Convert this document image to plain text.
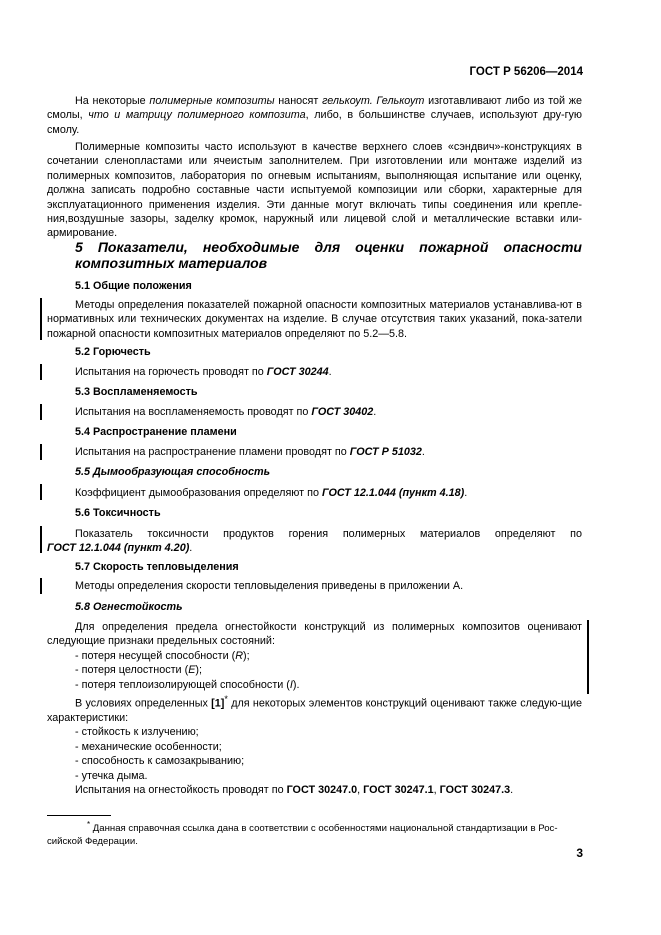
ГОСТ Р 56206—2014

На некоторые полимерные композиты наносят гелькоут. Гелькоут изготавливают либо из той же смолы, что и матрицу полимерного композита, либо, в большинстве случаев, используют дру-гую смолу.

Полимерные композиты часто используют в качестве верхнего слоев «сэндвич»-конструкциях в сочетании сленопластами или ячеистым заполнителем. При изготовлении или монтаже изделий из полимерных композитов, лаборатория по огневым испытаниям, выполняющая испытание или оценку, должна записать подробно составные части испытуемой композиции или сборки, характерные для эксплуатационного применения изделия. Эти данные могут включать типы соединения или крепле-ния,воздушные зазоры, заделку кромок, наружный или лицевой слой и металлические вставки или-армирование.

5 Показатели, необходимые для оценки пожарной опасности
композитных материалов
5.1 Общие положения

Методы определения показателей пожарной опасности композитных материалов устанавлива-ют в нормативных или технических документах на изделие. В случае отсутствия таких указаний, пока-затели пожарной опасности композитных материалов определяют по 5.2—5.8.

5.2 Горючесть

Испытания на горючесть проводят по ГОСТ 30244.

5.3 Воспламеняемость

Испытания на воспламеняемость проводят по ГОСТ 30402.

5.4 Распространение пламени

Испытания на распространение пламени проводят по ГОСТ Р 51032.

5.5 Дымообразующая способность

Коэффициент дымообразования определяют по ГОСТ 12.1.044 (пункт 4.18).

5.6 Токсичность

Показатель токсичности продуктов горения полимерных материалов определяют по

ГОСТ 12.1.044 (пункт 4.20).
5.7 Скорость тепловыделения

Методы определения скорости тепловыделения приведены в приложении А.

5.8 Огнестойкость

Для определения предела огнестойкости конструкций из полимерных композитов оценивают следующие признаки предельных состояний:

- потеря несущей способности (R);
- потеря целостности (E);
- потеря теплоизолирующей способности (I).

В условиях определенных [1]* для некоторых элементов конструкций оценивают также следую-щие характеристики:

- стойкость к излучению;
- механические особенности;
- способность к самозакрыванию;
- утечка дыма.

Испытания на огнестойкость проводят по ГОСТ 30247.0, ГОСТ 30247.1, ГОСТ 30247.3.

* Данная справочная ссылка дана в соответствии с особенностями национальной стандартизации в Рос-сийской Федерации.
3
